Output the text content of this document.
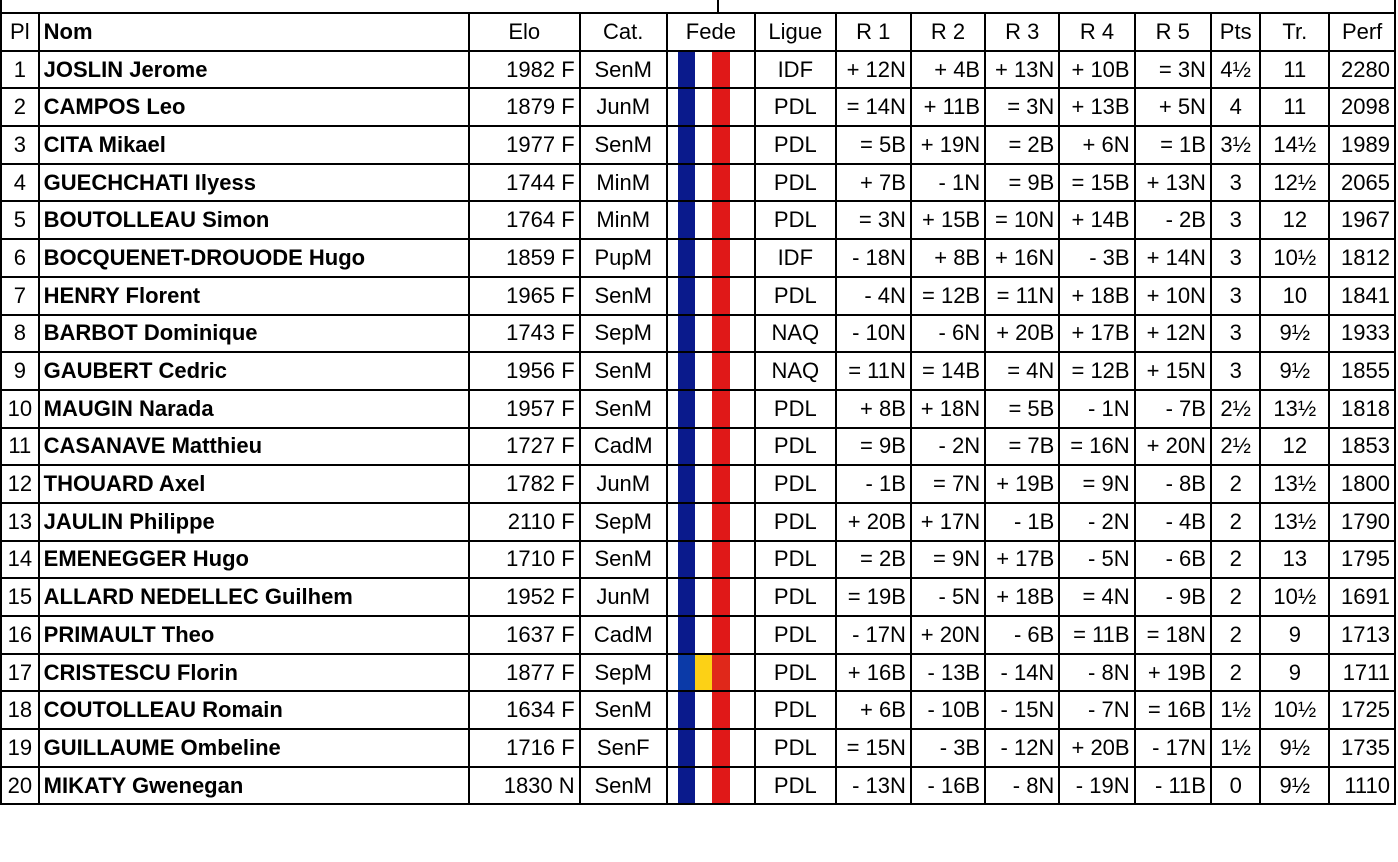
Pl	Nom	Elo	Cat.	Fede	Ligue	R 1	R 2	R 3	R 4	R 5	Pts	Tr.	Perf
1	JOSLIN Jerome	1982 F	SenM		IDF	+ 12N	+ 4B	+ 13N	+ 10B	= 3N	4½	11	2280
2	CAMPOS Leo	1879 F	JunM		PDL	= 14N	+ 11B	= 3N	+ 13B	+ 5N	4	11	2098
3	CITA Mikael	1977 F	SenM		PDL	= 5B	+ 19N	= 2B	+ 6N	= 1B	3½	14½	1989
4	GUECHCHATI Ilyess	1744 F	MinM		PDL	+ 7B	- 1N	= 9B	= 15B	+ 13N	3	12½	2065
5	BOUTOLLEAU Simon	1764 F	MinM		PDL	= 3N	+ 15B	= 10N	+ 14B	- 2B	3	12	1967
6	BOCQUENET-DROUODE Hugo	1859 F	PupM		IDF	- 18N	+ 8B	+ 16N	- 3B	+ 14N	3	10½	1812
7	HENRY Florent	1965 F	SenM		PDL	- 4N	= 12B	= 11N	+ 18B	+ 10N	3	10	1841
8	BARBOT Dominique	1743 F	SepM		NAQ	- 10N	- 6N	+ 20B	+ 17B	+ 12N	3	9½	1933
9	GAUBERT Cedric	1956 F	SenM		NAQ	= 11N	= 14B	= 4N	= 12B	+ 15N	3	9½	1855
10	MAUGIN Narada	1957 F	SenM		PDL	+ 8B	+ 18N	= 5B	- 1N	- 7B	2½	13½	1818
11	CASANAVE Matthieu	1727 F	CadM		PDL	= 9B	- 2N	= 7B	= 16N	+ 20N	2½	12	1853
12	THOUARD Axel	1782 F	JunM		PDL	- 1B	= 7N	+ 19B	= 9N	- 8B	2	13½	1800
13	JAULIN Philippe	2110 F	SepM		PDL	+ 20B	+ 17N	- 1B	- 2N	- 4B	2	13½	1790
14	EMENEGGER Hugo	1710 F	SenM		PDL	= 2B	= 9N	+ 17B	- 5N	- 6B	2	13	1795
15	ALLARD NEDELLEC Guilhem	1952 F	JunM		PDL	= 19B	- 5N	+ 18B	= 4N	- 9B	2	10½	1691
16	PRIMAULT Theo	1637 F	CadM		PDL	- 17N	+ 20N	- 6B	= 11B	= 18N	2	9	1713
17	CRISTESCU Florin	1877 F	SepM		PDL	+ 16B	- 13B	- 14N	- 8N	+ 19B	2	9	1711
18	COUTOLLEAU Romain	1634 F	SenM		PDL	+ 6B	- 10B	- 15N	- 7N	= 16B	1½	10½	1725
19	GUILLAUME Ombeline	1716 F	SenF		PDL	= 15N	- 3B	- 12N	+ 20B	- 17N	1½	9½	1735
20	MIKATY Gwenegan	1830 N	SenM		PDL	- 13N	- 16B	- 8N	- 19N	- 11B	0	9½	1110
